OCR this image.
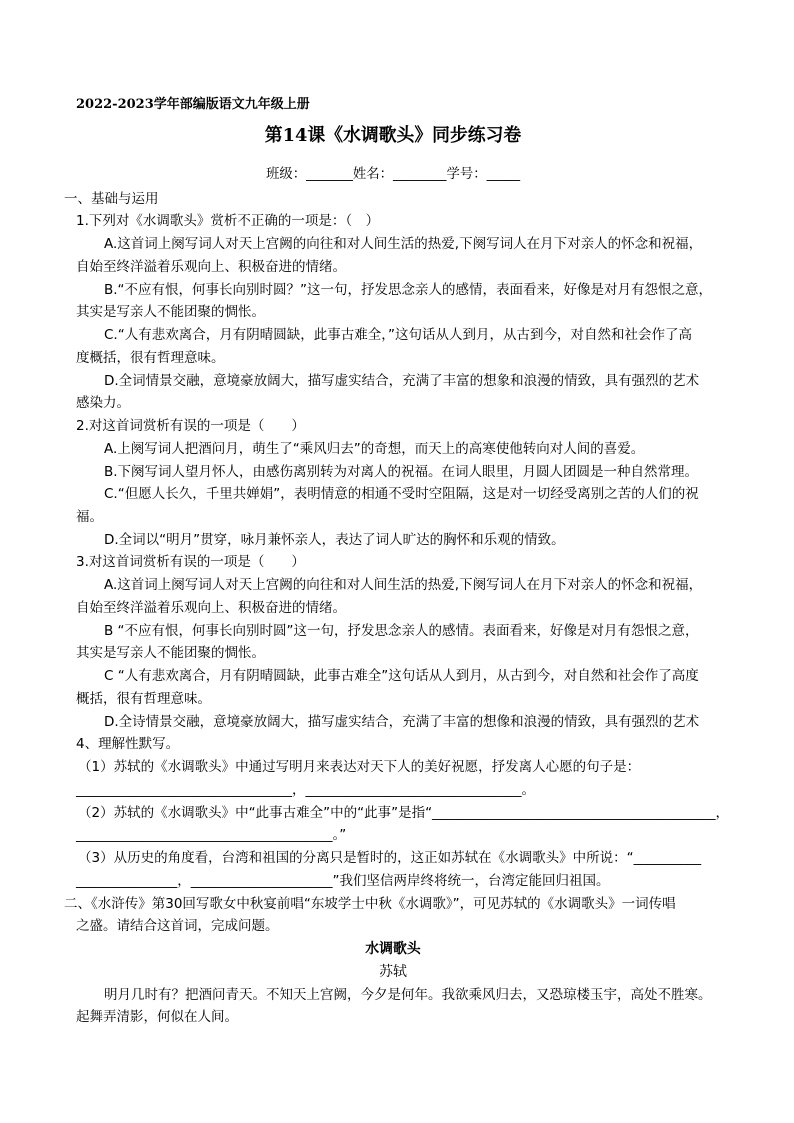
2022-2023学年部编版语文九年级上册
第14课《水调歌头》同步练习卷
班级：_______姓名：________学号：_____
一、基础与运用
1.下列对《水调歌头》赏析不正确的一项是：（　）
A.这首词上阕写词人对天上宫阙的向往和对人间生活的热爱,下阕写词人在月下对亲人的怀念和祝福，
自始至终洋溢着乐观向上、积极奋进的情绪。
B.“不应有恨，何事长向别时圆？”这一句，抒发思念亲人的感情，表面看来，好像是对月有怨恨之意，
其实是写亲人不能团聚的惆怅。
C.“人有悲欢离合，月有阴晴圆缺，此事古难全，”这句话从人到月，从古到今，对自然和社会作了高
度概括，很有哲理意味。
D.全词情景交融，意境豪放阔大，描写虚实结合，充满了丰富的想象和浪漫的情致，具有强烈的艺术
感染力。
2.对这首词赏析有误的一项是（　　）
A.上阕写词人把酒问月，萌生了“乘风归去”的奇想，而天上的高寒使他转向对人间的喜爱。
B.下阕写词人望月怀人，由感伤离别转为对离人的祝福。在词人眼里，月圆人团圆是一种自然常理。
C.“但愿人长久，千里共婵娟”，表明情意的相通不受时空阻隔，这是对一切经受离别之苦的人们的祝
福。
D.全词以“明月”贯穿，咏月兼怀亲人，表达了词人旷达的胸怀和乐观的情致。
3.对这首词赏析有误的一项是（　　）
A.这首词上阕写词人对天上宫阙的向往和对人间生活的热爱,下阕写词人在月下对亲人的怀念和祝福，
自始至终洋溢着乐观向上、积极奋进的情绪。
B “不应有恨，何事长向别时圆”这一句，抒发思念亲人的感情。表面看来，好像是对月有怨恨之意，
其实是写亲人不能团聚的惆怅。
C “人有悲欢离合，月有阴晴圆缺，此事古难全”这句话从人到月，从古到今，对自然和社会作了高度
概括，很有哲理意味。
D.全诗情景交融，意境豪放阔大，描写虚实结合，充满了丰富的想像和浪漫的情致，具有强烈的艺术
4、理解性默写。
（1）苏轼的《水调歌头》中通过写明月来表达对天下人的美好祝愿，抒发离人心愿的句子是：
________________________________，________________________________。
（2）苏轼的《水调歌头》中“此事古难全”中的“此事”是指“__________________________________________，
______________________________________。”
（3）从历史的角度看，台湾和祖国的分离只是暂时的，这正如苏轼在《水调歌头》中所说：“__________
_______________，_____________________”我们坚信两岸终将统一，台湾定能回归祖国。
二、《水浒传》第30回写歌女中秋宴前唱“东坡学士中秋《水调歌》”，可见苏轼的《水调歌头》一词传唱
之盛。请结合这首词，完成问题。
水调歌头
苏轼
明月几时有？把酒问青天。不知天上宫阙，今夕是何年。我欲乘风归去，又恐琼楼玉宇，高处不胜寒。
起舞弄清影，何似在人间。
